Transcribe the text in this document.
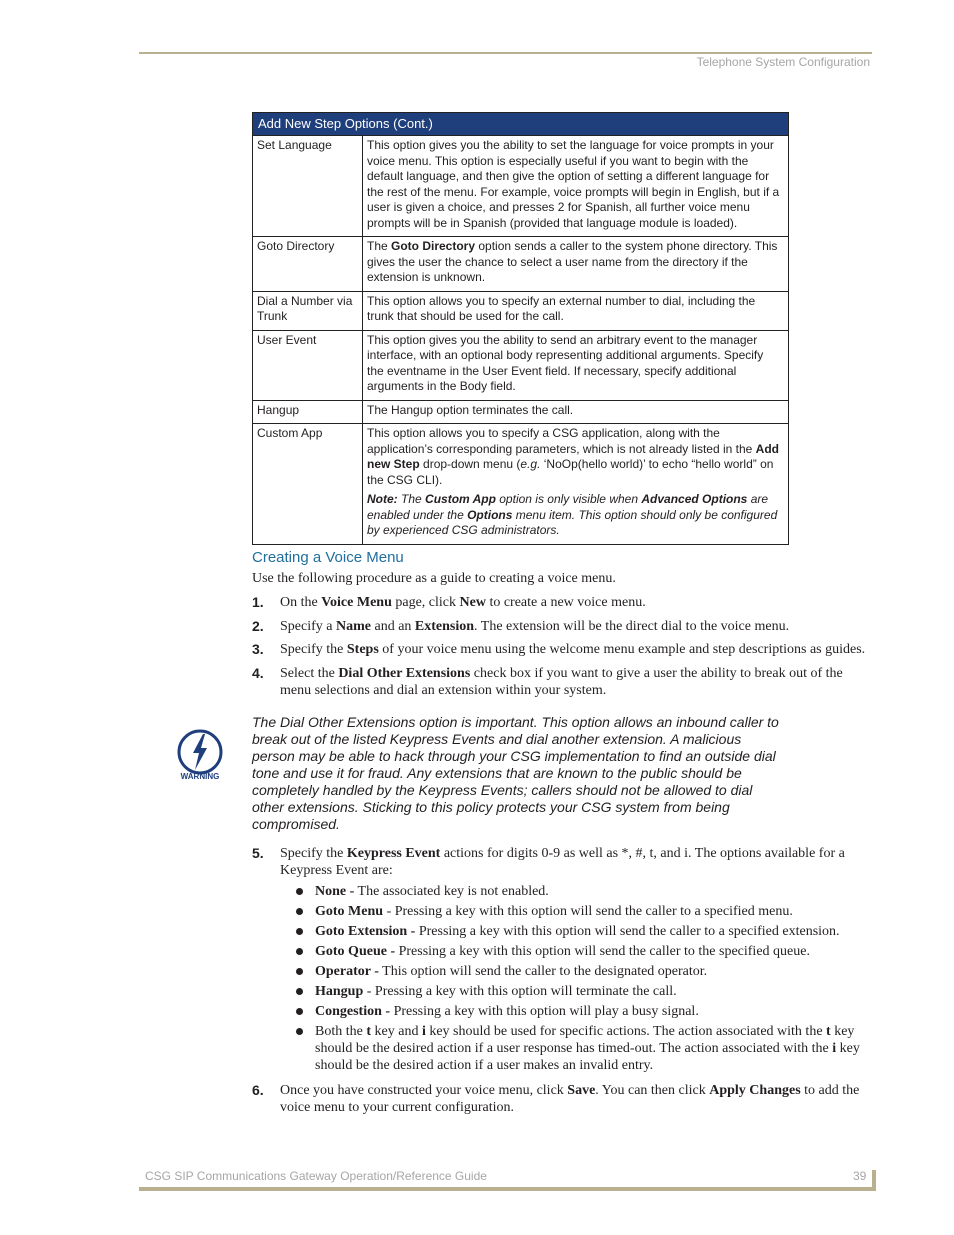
Telephone System Configuration
Add New Step Options (Cont.)	
Set Language	This option gives you the ability to set the language for voice prompts in your voice menu. This option is especially useful if you want to begin with the default language, and then give the option of setting a different language for the rest of the menu. For example, voice prompts will begin in English, but if a user is given a choice, and presses 2 for Spanish, all further voice menu prompts will be in Spanish (provided that language module is loaded).
Goto Directory	The Goto Directory option sends a caller to the system phone directory. This gives the user the chance to select a user name from the directory if the extension is unknown.
Dial a Number via Trunk	This option allows you to specify an external number to dial, including the trunk that should be used for the call.
User Event	This option gives you the ability to send an arbitrary event to the manager interface, with an optional body representing additional arguments. Specify the eventname in the User Event field. If necessary, specify additional arguments in the Body field.
Hangup	The Hangup option terminates the call.
Custom App	This option allows you to specify a CSG application, along with the application’s corresponding parameters, which is not already listed in the Add new Step drop-down menu (e.g. ‘NoOp(hello world)’ to echo “hello world” on the CSG CLI).

Note: The Custom App option is only visible when Advanced Options are enabled under the Options menu item. This option should only be configured by experienced CSG administrators.

Creating a Voice Menu
Use the following procedure as a guide to creating a voice menu.
1. On the Voice Menu page, click New to create a new voice menu.
2. Specify a Name and an Extension. The extension will be the direct dial to the voice menu.
3. Specify the Steps of your voice menu using the welcome menu example and step descriptions as guides.
4. Select the Dial Other Extensions check box if you want to give a user the ability to break out of the menu selections and dial an extension within your system.
WARNING
The Dial Other Extensions option is important. This option allows an inbound caller to break out of the listed Keypress Events and dial another extension. A malicious person may be able to hack through your CSG implementation to find an outside dial tone and use it for fraud. Any extensions that are known to the public should be completely handled by the Keypress Events; callers should not be allowed to dial other extensions. Sticking to this policy protects your CSG system from being compromised.
5. Specify the Keypress Event actions for digits 0-9 as well as *, #, t, and i. The options available for a Keypress Event are:
None - The associated key is not enabled.
Goto Menu - Pressing a key with this option will send the caller to a specified menu.
Goto Extension - Pressing a key with this option will send the caller to a specified extension.
Goto Queue - Pressing a key with this option will send the caller to the specified queue.
Operator - This option will send the caller to the designated operator.
Hangup - Pressing a key with this option will terminate the call.
Congestion - Pressing a key with this option will play a busy signal.
Both the t key and i key should be used for specific actions. The action associated with the t key should be the desired action if a user response has timed-out. The action associated with the i key should be the desired action if a user makes an invalid entry.
6. Once you have constructed your voice menu, click Save. You can then click Apply Changes to add the voice menu to your current configuration.
CSG SIP Communications Gateway Operation/Reference Guide	39
